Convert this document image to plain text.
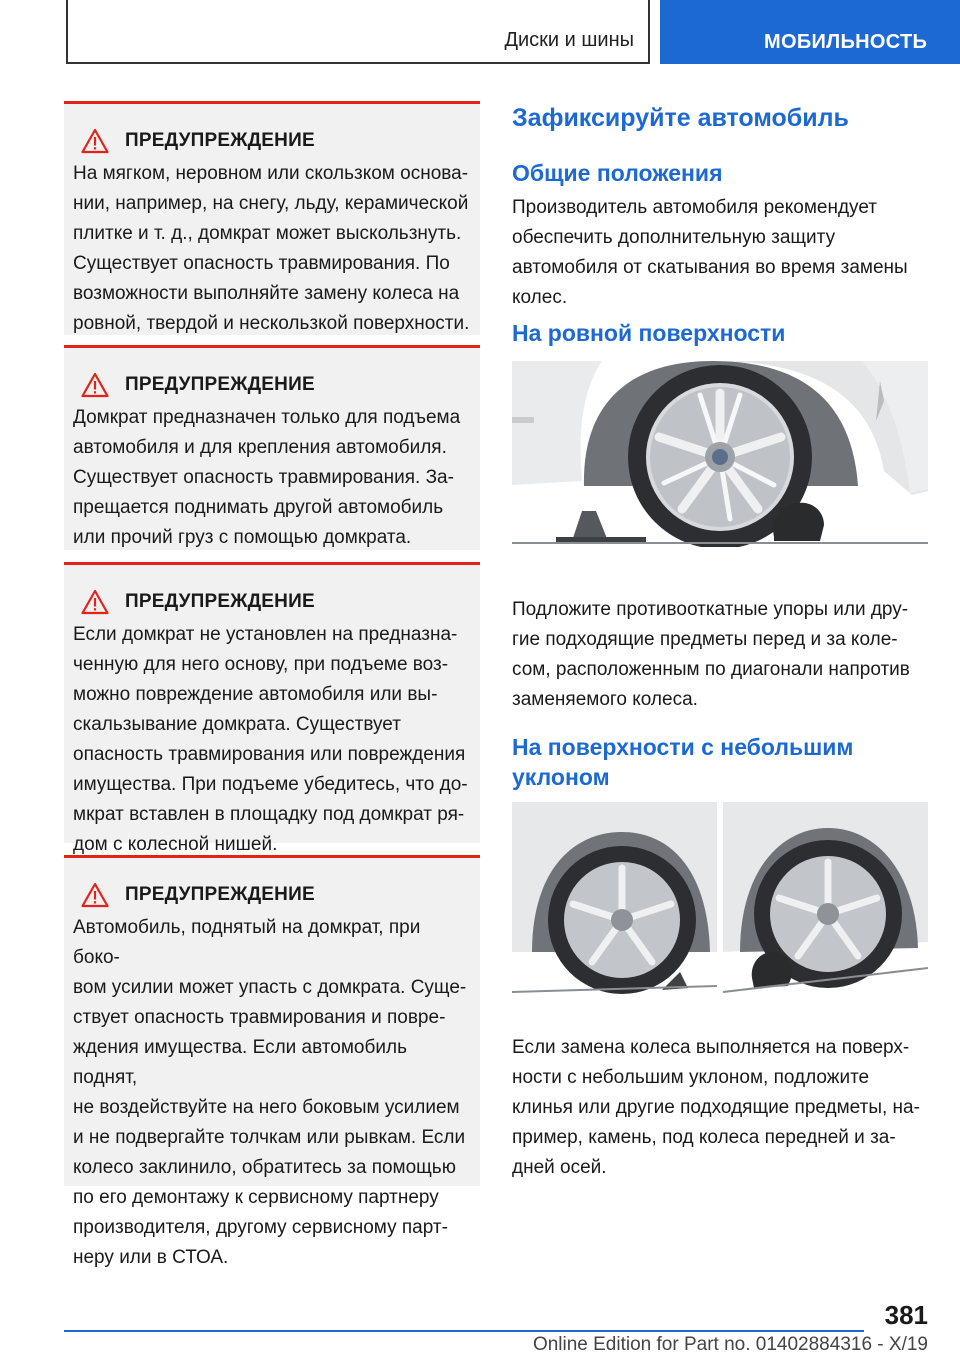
Диски и шины	МОБИЛЬНОСТЬ
ПРЕДУПРЕЖДЕНИЕ
На мягком, неровном или скользком основа-
нии, например, на снегу, льду, керамической
плитке и т. д., домкрат может выскользнуть.
Существует опасность травмирования. По
возможности выполняйте замену колеса на
ровной, твердой и нескользкой поверхности.
ПРЕДУПРЕЖДЕНИЕ
Домкрат предназначен только для подъема
автомобиля и для крепления автомобиля.
Существует опасность травмирования. За-
прещается поднимать другой автомобиль
или прочий груз с помощью домкрата.
ПРЕДУПРЕЖДЕНИЕ
Если домкрат не установлен на предназна-
ченную для него основу, при подъеме воз-
можно повреждение автомобиля или вы-
скальзывание домкрата. Существует
опасность травмирования или повреждения
имущества. При подъеме убедитесь, что до-
мкрат вставлен в площадку под домкрат ря-
дом с колесной нишей.
ПРЕДУПРЕЖДЕНИЕ
Автомобиль, поднятый на домкрат, при боко-
вом усилии может упасть с домкрата. Суще-
ствует опасность травмирования и повре-
ждения имущества. Если автомобиль поднят,
не воздействуйте на него боковым усилием
и не подвергайте толчкам или рывкам. Если
колесо заклинило, обратитесь за помощью
по его демонтажу к сервисному партнеру
производителя, другому сервисному парт-
неру или в СТОА.
Зафиксируйте автомобиль
Общие положения
Производитель автомобиля рекомендует
обеспечить дополнительную защиту
автомобиля от скатывания во время замены
колес.
На ровной поверхности
Подложите противооткатные упоры или дру-
гие подходящие предметы перед и за коле-
сом, расположенным по диагонали напротив
заменяемого колеса.
На поверхности с небольшим
уклоном
Если замена колеса выполняется на поверх-
ности с небольшим уклоном, подложите
клинья или другие подходящие предметы, на-
пример, камень, под колеса передней и за-
дней осей.
381
Online Edition for Part no. 01402884316 - X/19
